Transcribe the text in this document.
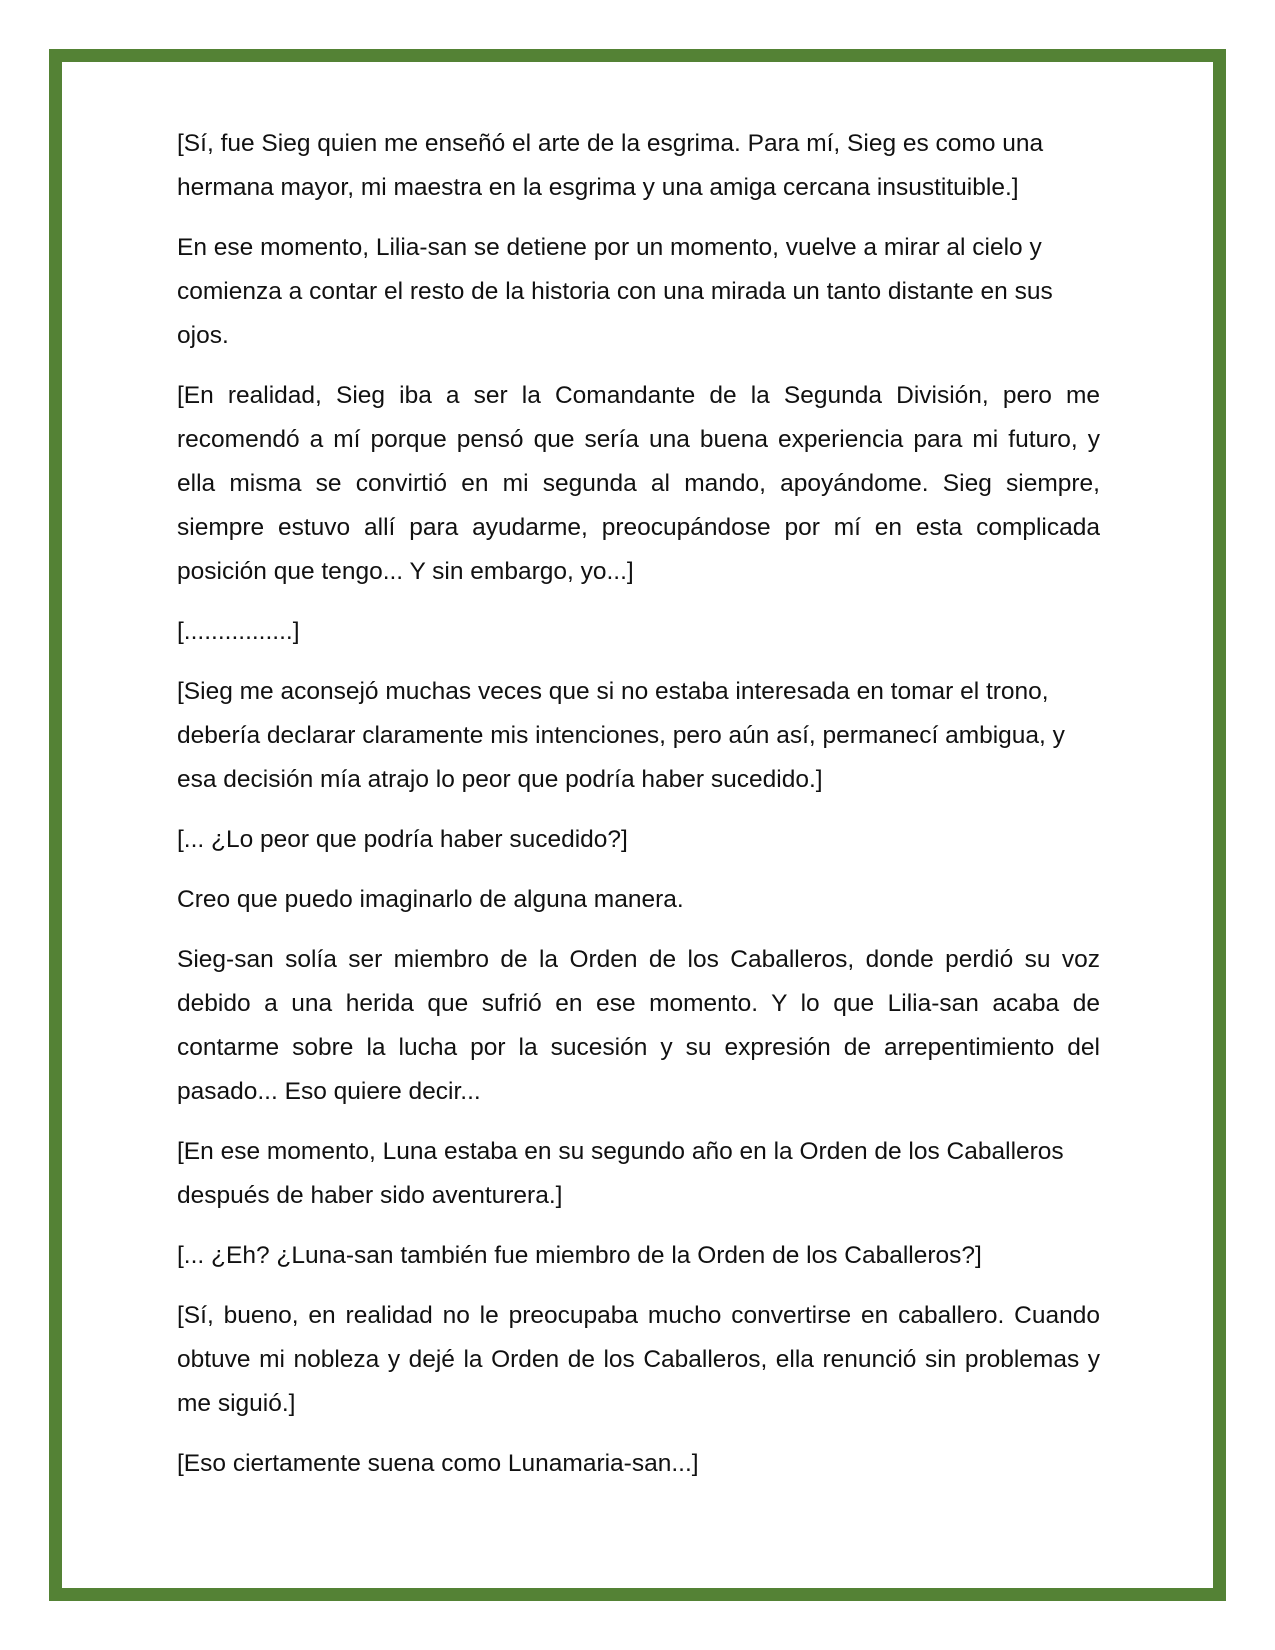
[Sí, fue Sieg quien me enseñó el arte de la esgrima. Para mí, Sieg es como una hermana mayor, mi maestra en la esgrima y una amiga cercana insustituible.]

En ese momento, Lilia-san se detiene por un momento, vuelve a mirar al cielo y comienza a contar el resto de la historia con una mirada un tanto distante en sus ojos.

[En realidad, Sieg iba a ser la Comandante de la Segunda División, pero me recomendó a mí porque pensó que sería una buena experiencia para mi futuro, y ella misma se convirtió en mi segunda al mando, apoyándome. Sieg siempre, siempre estuvo allí para ayudarme, preocupándose por mí en esta complicada posición que tengo... Y sin embargo, yo...]

[................]

[Sieg me aconsejó muchas veces que si no estaba interesada en tomar el trono, debería declarar claramente mis intenciones, pero aún así, permanecí ambigua, y esa decisión mía atrajo lo peor que podría haber sucedido.]

[... ¿Lo peor que podría haber sucedido?]

Creo que puedo imaginarlo de alguna manera.

Sieg-san solía ser miembro de la Orden de los Caballeros, donde perdió su voz debido a una herida que sufrió en ese momento. Y lo que Lilia-san acaba de contarme sobre la lucha por la sucesión y su expresión de arrepentimiento del pasado... Eso quiere decir...

[En ese momento, Luna estaba en su segundo año en la Orden de los Caballeros después de haber sido aventurera.]

[... ¿Eh? ¿Luna-san también fue miembro de la Orden de los Caballeros?]

[Sí, bueno, en realidad no le preocupaba mucho convertirse en caballero. Cuando obtuve mi nobleza y dejé la Orden de los Caballeros, ella renunció sin problemas y me siguió.]

[Eso ciertamente suena como Lunamaria-san...]
